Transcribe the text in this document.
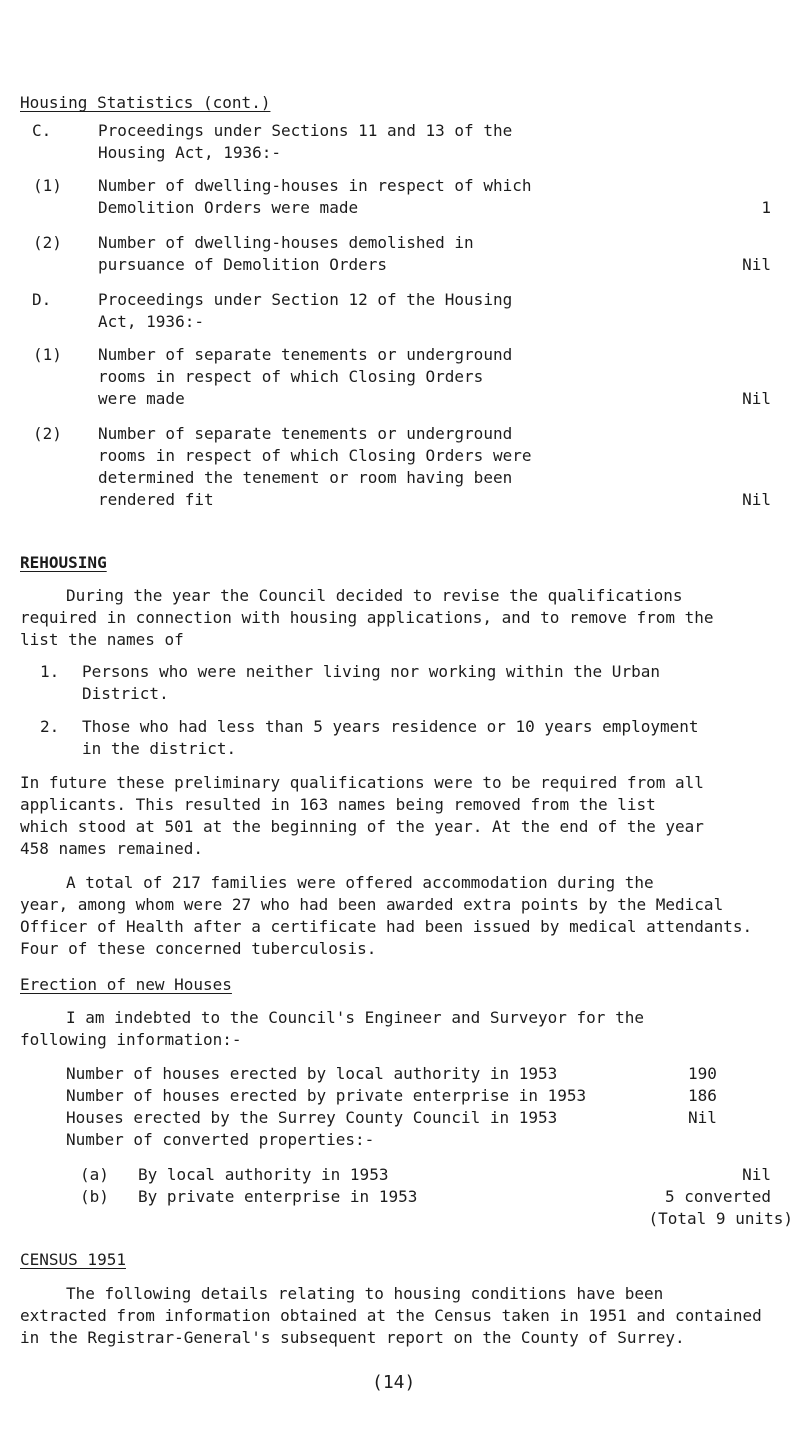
Housing Statistics (cont.)
C.	Proceedings under Sections 11 and 13 of the
Housing Act, 1936:-
(1) Number of dwelling-houses in respect of which
Demolition Orders were made	1
(2) Number of dwelling-houses demolished in
pursuance of Demolition Orders	Nil
D.	Proceedings under Section 12 of the Housing
Act, 1936:-
(1) Number of separate tenements or underground
rooms in respect of which Closing Orders
were made	Nil
(2) Number of separate tenements or underground
rooms in respect of which Closing Orders were
determined the tenement or room having been
rendered fit	Nil
REHOUSING
During the year the Council decided to revise the qualifications
required in connection with housing applications, and to remove from the
list the names of
1. Persons who were neither living nor working within the Urban
District.
2. Those who had less than 5 years residence or 10 years employment
in the district.
In future these preliminary qualifications were to be required from all
applicants. This resulted in 163 names being removed from the list
which stood at 501 at the beginning of the year. At the end of the year
458 names remained.
A total of 217 families were offered accommodation during the
year, among whom were 27 who had been awarded extra points by the Medical
Officer of Health after a certificate had been issued by medical attendants.
Four of these concerned tuberculosis.
Erection of new Houses
I am indebted to the Council's Engineer and Surveyor for the
following information:-
Number of houses erected by local authority in 1953	190
Number of houses erected by private enterprise in 1953	186
Houses erected by the Surrey County Council in 1953	Nil
Number of converted properties:-
(a) By local authority in 1953	Nil
(b) By private enterprise in 1953	5 converted
(Total 9 units)
CENSUS 1951
The following details relating to housing conditions have been
extracted from information obtained at the Census taken in 1951 and contained
in the Registrar-General's subsequent report on the County of Surrey.
(14)
